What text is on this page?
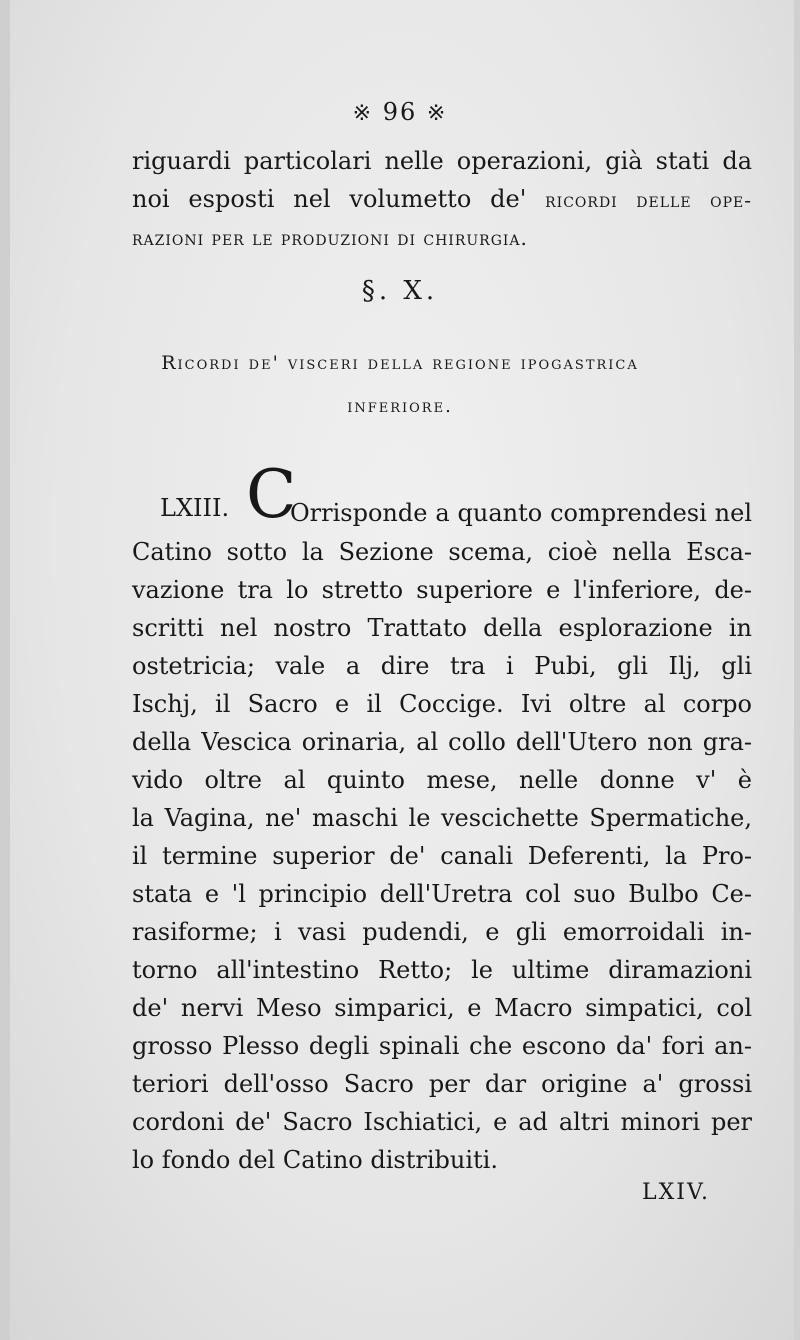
※ 96 ※
riguardi particolari nelle operazioni, già stati da
noi esposti nel volumetto de' ricordi delle ope-
razioni per le produzioni di chirurgia.
§. X.
Ricordi de' visceri della regione ipogastrica
inferiore.
LXIII. C
Orrisponde a quanto comprendesi nel
Catino sotto la Sezione scema, cioè nella Esca-
vazione tra lo stretto superiore e l'inferiore, de-
scritti nel nostro Trattato della esplorazione in
ostetricia; vale a dire tra i Pubi, gli Ilj, gli
Ischj, il Sacro e il Coccige. Ivi oltre al corpo
della Vescica orinaria, al collo dell'Utero non gra-
vido oltre al quinto mese, nelle donne v' è
la Vagina, ne' maschi le vescichette Spermatiche,
il termine superior de' canali Deferenti, la Pro-
stata e 'l principio dell'Uretra col suo Bulbo Ce-
rasiforme; i vasi pudendi, e gli emorroidali in-
torno all'intestino Retto; le ultime diramazioni
de' nervi Meso simparici, e Macro simpatici, col
grosso Plesso degli spinali che escono da' fori an-
teriori dell'osso Sacro per dar origine a' grossi
cordoni de' Sacro Ischiatici, e ad altri minori per
lo fondo del Catino distribuiti.
LXIV.
